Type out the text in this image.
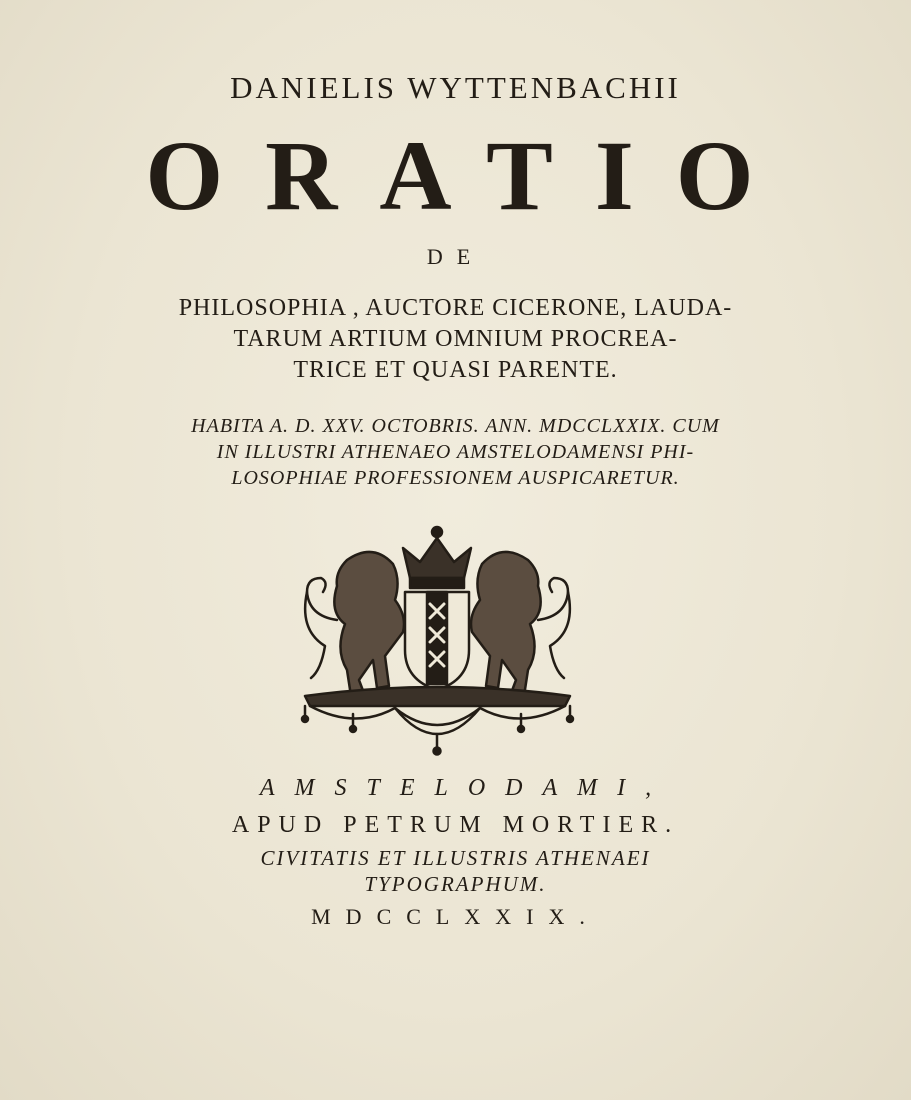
DANIELIS WYTTENBACHII
ORATIO
DE
PHILOSOPHIA , AUCTORE CICERONE, LAUDA-
TARUM ARTIUM OMNIUM PROCREA-
TRICE ET QUASI PARENTE.
HABITA A. D. XXV. OCTOBRIS. ANN. MDCCLXXIX. CUM
IN ILLUSTRI ATHENAEO AMSTELODAMENSI PHI-
LOSOPHIAE PROFESSIONEM AUSPICARETUR.
AMSTELODAMI,
APUD PETRUM MORTIER.
CIVITATIS ET ILLUSTRIS ATHENAEI
TYPOGRAPHUM.
MDCCLXXIX.
